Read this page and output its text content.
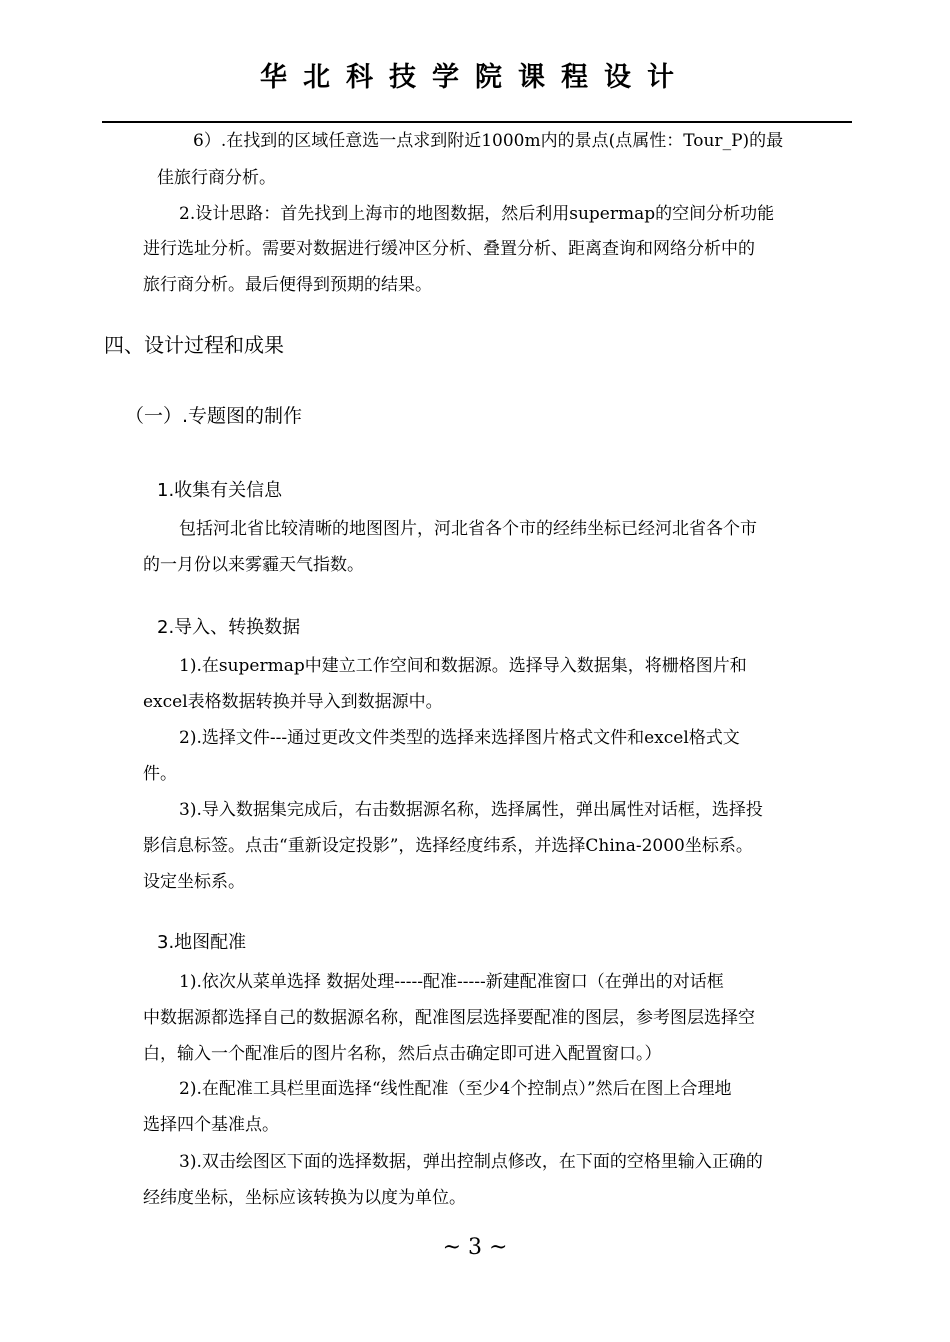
华北科技学院课程设计
6）.在找到的区域任意选一点求到附近1000m内的景点(点属性：Tour_P)的最
佳旅行商分析。
2.设计思路：首先找到上海市的地图数据，然后利用supermap的空间分析功能
进行选址分析。需要对数据进行缓冲区分析、叠置分析、距离查询和网络分析中的
旅行商分析。最后便得到预期的结果。
四、设计过程和成果
（一）.专题图的制作
1.收集有关信息
包括河北省比较清晰的地图图片，河北省各个市的经纬坐标已经河北省各个市
的一月份以来雾霾天气指数。
2.导入、转换数据
1).在supermap中建立工作空间和数据源。选择导入数据集，将栅格图片和
excel表格数据转换并导入到数据源中。
2).选择文件---通过更改文件类型的选择来选择图片格式文件和excel格式文
件。
3).导入数据集完成后，右击数据源名称，选择属性，弹出属性对话框，选择投
影信息标签。点击“重新设定投影”，选择经度纬系，并选择China-2000坐标系。
设定坐标系。
3.地图配准
1).依次从菜单选择 数据处理-----配准-----新建配准窗口（在弹出的对话框
中数据源都选择自己的数据源名称，配准图层选择要配准的图层，参考图层选择空
白，输入一个配准后的图片名称，然后点击确定即可进入配置窗口。）
2).在配准工具栏里面选择“线性配准（至少4个控制点）”然后在图上合理地
选择四个基准点。
3).双击绘图区下面的选择数据，弹出控制点修改，在下面的空格里输入正确的
经纬度坐标，坐标应该转换为以度为单位。
~ 3 ~
